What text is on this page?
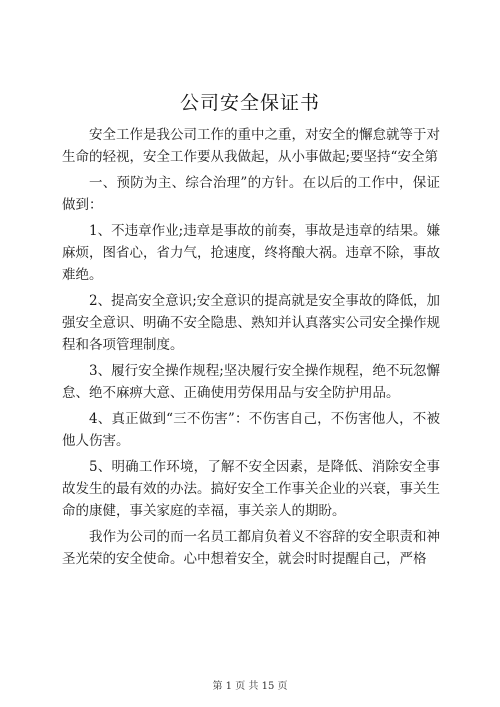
公司安全保证书

安全工作是我公司工作的重中之重，对安全的懈怠就等于对生命的轻视，安全工作要从我做起，从小事做起;要坚持“安全第

一、预防为主、综合治理”的方针。在以后的工作中，保证做到：

1、不违章作业;违章是事故的前奏，事故是违章的结果。嫌麻烦，图省心，省力气，抢速度，终将酿大祸。违章不除，事故难绝。

2、提高安全意识;安全意识的提高就是安全事故的降低，加强安全意识、明确不安全隐患、熟知并认真落实公司安全操作规程和各项管理制度。

3、履行安全操作规程;坚决履行安全操作规程，绝不玩忽懈怠、绝不麻痹大意、正确使用劳保用品与安全防护用品。

4、真正做到“三不伤害”：不伤害自己，不伤害他人，不被他人伤害。

5、明确工作环境，了解不安全因素，是降低、消除安全事故发生的最有效的办法。搞好安全工作事关企业的兴衰，事关生命的康健，事关家庭的幸福，事关亲人的期盼。

我作为公司的而一名员工都肩负着义不容辞的安全职责和神圣光荣的安全使命。心中想着安全，就会时时提醒自己，严格

第 1 页 共 15 页
